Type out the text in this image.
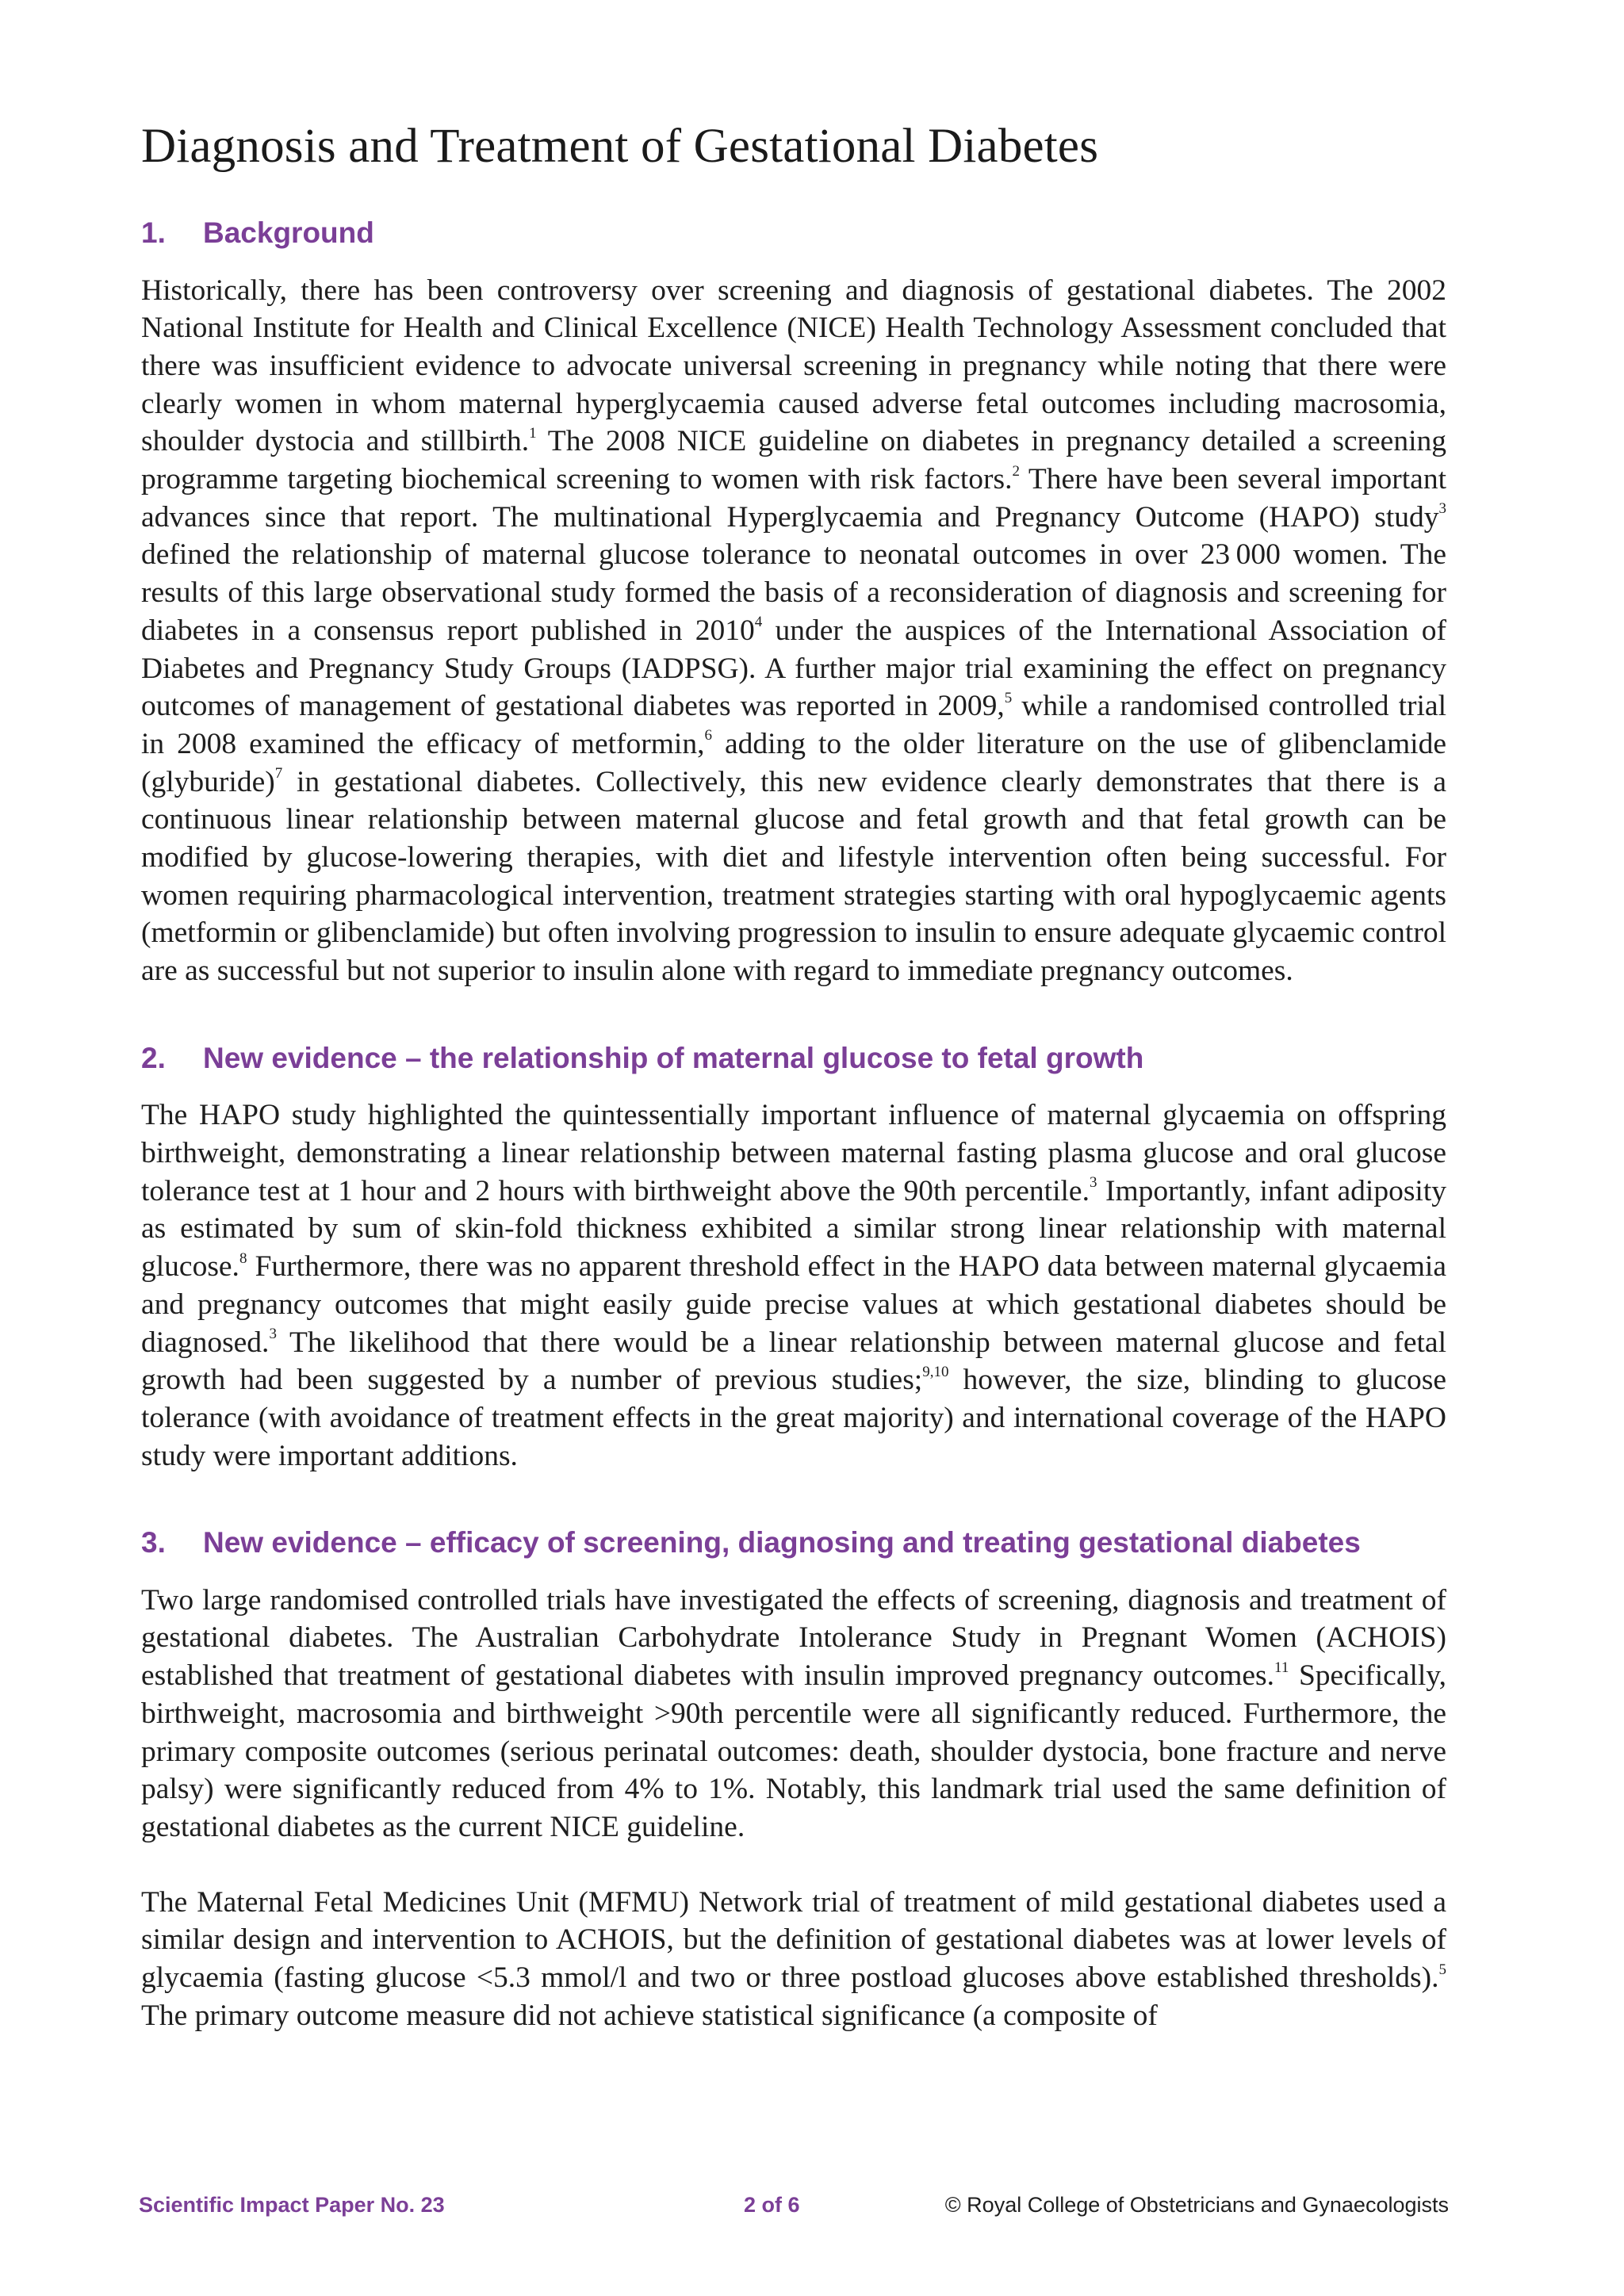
Diagnosis and Treatment of Gestational Diabetes
1.	Background

Historically, there has been controversy over screening and diagnosis of gestational diabetes. The 2002 National Institute for Health and Clinical Excellence (NICE) Health Technology Assessment concluded that there was insufficient evidence to advocate universal screening in pregnancy while noting that there were clearly women in whom maternal hyperglycaemia caused adverse fetal outcomes including macrosomia, shoulder dystocia and stillbirth.$^1$ The 2008 NICE guideline on diabetes in pregnancy detailed a screening programme targeting biochemical screening to women with risk factors.$^2$ There have been several important advances since that report. The multinational Hyperglycaemia and Pregnancy Outcome (HAPO) study$^3$ defined the relationship of maternal glucose tolerance to neonatal outcomes in over 23 000 women. The results of this large observational study formed the basis of a reconsideration of diagnosis and screening for diabetes in a consensus report published in 2010$^4$ under the auspices of the International Association of Diabetes and Pregnancy Study Groups (IADPSG). A further major trial examining the effect on pregnancy outcomes of management of gestational diabetes was reported in 2009,$^5$ while a randomised controlled trial in 2008 examined the efficacy of metformin,$^6$ adding to the older literature on the use of glibenclamide (glyburide)$^7$ in gestational diabetes. Collectively, this new evidence clearly demonstrates that there is a continuous linear relationship between maternal glucose and fetal growth and that fetal growth can be modified by glucose-lowering therapies, with diet and lifestyle intervention often being successful. For women requiring pharmacological intervention, treatment strategies starting with oral hypoglycaemic agents (metformin or glibenclamide) but often involving progression to insulin to ensure adequate glycaemic control are as successful but not superior to insulin alone with regard to immediate pregnancy outcomes.

2.	New evidence – the relationship of maternal glucose to fetal growth

The HAPO study highlighted the quintessentially important influence of maternal glycaemia on offspring birthweight, demonstrating a linear relationship between maternal fasting plasma glucose and oral glucose tolerance test at 1 hour and 2 hours with birthweight above the 90th percentile.$^3$ Importantly, infant adiposity as estimated by sum of skin-fold thickness exhibited a similar strong linear relationship with maternal glucose.$^8$ Furthermore, there was no apparent threshold effect in the HAPO data between maternal glycaemia and pregnancy outcomes that might easily guide precise values at which gestational diabetes should be diagnosed.$^3$ The likelihood that there would be a linear relationship between maternal glucose and fetal growth had been suggested by a number of previous studies;$^{9,10}$ however, the size, blinding to glucose tolerance (with avoidance of treatment effects in the great majority) and international coverage of the HAPO study were important additions.

3.	New evidence – efficacy of screening, diagnosing and treating gestational diabetes

Two large randomised controlled trials have investigated the effects of screening, diagnosis and treatment of gestational diabetes. The Australian Carbohydrate Intolerance Study in Pregnant Women (ACHOIS) established that treatment of gestational diabetes with insulin improved pregnancy outcomes.$^{11}$ Specifically, birthweight, macrosomia and birthweight >90th percentile were all significantly reduced. Furthermore, the primary composite outcomes (serious perinatal outcomes: death, shoulder dystocia, bone fracture and nerve palsy) were significantly reduced from 4% to 1%. Notably, this landmark trial used the same definition of gestational diabetes as the current NICE guideline.

The Maternal Fetal Medicines Unit (MFMU) Network trial of treatment of mild gestational diabetes used a similar design and intervention to ACHOIS, but the definition of gestational diabetes was at lower levels of glycaemia (fasting glucose <5.3 mmol/l and two or three postload glucoses above established thresholds).$^5$ The primary outcome measure did not achieve statistical significance (a composite of

Scientific Impact Paper No. 23	2 of 6	© Royal College of Obstetricians and Gynaecologists
